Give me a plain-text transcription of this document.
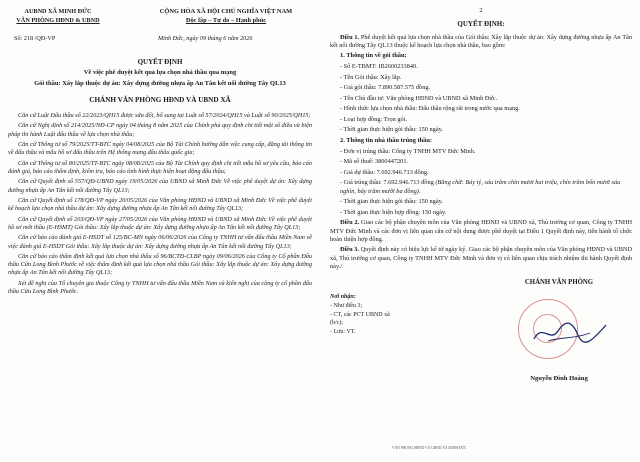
AUBND XÃ MINH ĐỨC
VĂN PHÒNG HĐND & UBND
Số: 218 /QĐ-VP
CỘNG HÒA XÃ HỘI CHỦ NGHĨA VIỆT NAM
Độc lập – Tự do – Hạnh phúc
Minh Đức, ngày 09 tháng 6 năm 2026
QUYẾT ĐỊNH
Về việc phê duyệt kết quả lựa chọn nhà thầu qua mạng
Gói thầu: Xây lắp thuộc dự án: Xây dựng đường nhựa ấp An Tân kết nối đường Tây QL13
CHÁNH VĂN PHÒNG HĐND VÀ UBND XÃ

Căn cứ Luật Đấu thầu số 22/2023/QH15 được sửa đổi, bổ sung tại Luật số 57/2024/QH15 và Luật số 90/2025/QH15;

Căn cứ Nghị định số 214/2025/NĐ-CP ngày 04 tháng 8 năm 2025 của Chính phủ quy định chi tiết một số điều và biện pháp thi hành Luật đấu thầu về lựa chọn nhà thầu;

Căn cứ Thông tư số 79/2025/TT-BTC ngày 04/08/2025 của Bộ Tài Chính hướng dẫn việc cung cấp, đăng tải thông tin về đấu thầu và mẫu hồ sơ đấu thầu trên Hệ thống mạng đấu thầu quốc gia;

Căn cứ Thông tư số 80/2025/TT-BTC ngày 08/08/2025 của Bộ Tài Chính quy định chi tiết mẫu hồ sơ yêu cầu, báo cáo đánh giá, báo cáo thẩm định, kiểm tra, báo cáo tình hình thực hiện hoạt động đấu thầu;

Căn cứ Quyết định số 557/QĐ-UBND ngày 19/05/2026 của UBND xã Minh Đức Về việc phê duyệt dự án: Xây dựng đường nhựa ấp An Tân kết nối đường Tây QL13;

Căn cứ Quyết định số 178/QĐ-VP ngày 20/05/2026 của Văn phòng HĐND và UBND xã Minh Đức Về việc phê duyệt kế hoạch lựa chọn nhà thầu dự án: Xây dựng đường nhựa ấp An Tân kết nối đường Tây QL13;

Căn cứ Quyết định số 203/QĐ-VP ngày 27/05/2026 của Văn phòng HĐND và UBND xã Minh Đức Về việc phê duyệt hồ sơ mời thầu (E-HSMT) Gói thầu: Xây lắp thuộc dự án: Xây dựng đường nhựa ấp An Tân kết nối đường Tây QL13;

Căn cứ báo cáo đánh giá E-HSDT số 125/BC-MN ngày 06/06/2026 của Công ty TNHH tư vấn đấu thầu Miền Nam về việc đánh giá E-HSDT Gói thầu: Xây lắp thuộc dự án: Xây dựng đường nhựa ấp An Tân kết nối đường Tây QL13;

Căn cứ báo cáo thẩm định kết quả lựa chọn nhà thầu số 96/BCTĐ-CLBP ngày 09/06/2026 của Công ty Cổ phần Đấu thầu Cửu Long Bình Phước về việc thẩm định kết quả lựa chọn nhà thầu Gói thầu: Xây lắp thuộc dự án: Xây dựng đường nhựa ấp An Tân kết nối đường Tây QL13;

Xét đề nghị của Tổ chuyên gia thuộc Công ty TNHH tư vấn đấu thầu Miền Nam và kiến nghị của công ty cổ phần đấu thầu Cửu Long Bình Phước.

2
QUYẾT ĐỊNH:

Điều 1. Phê duyệt kết quả lựa chọn nhà thầu của Gói thầu: Xây lắp thuộc dự án: Xây dựng đường nhựa ấp An Tân kết nối đường Tây QL13 thuộc kế hoạch lựa chọn nhà thầu, bao gồm:

1. Thông tin về gói thầu:
- Số E-TBMT: IB2600233840.
- Tên Gói thầu: Xây lắp.
- Giá gói thầu: 7.890.587.575 đồng.
- Tên Chủ đầu tư: Văn phòng HĐND và UBND xã Minh Đức.
- Hình thức lựa chọn nhà thầu: Đấu thầu rộng rãi trong nước qua mạng.
- Loại hợp đồng: Trọn gói.
- Thời gian thực hiện gói thầu: 150 ngày.
2. Thông tin nhà thầu trúng thầu:
- Đơn vị trúng thầu: Công ty TNHH MTV Đức Minh.
- Mã số thuế: 3800447201.
- Giá dự thầu: 7.692.946.713 đồng.
- Giá trúng thầu: 7.692.946.713 đồng (Bằng chữ: Bảy tỷ, sáu trăm chín mươi hai triệu, chín trăm bốn mươi sáu nghìn, bảy trăm mười ba đồng).
- Thời gian thực hiện gói thầu: 150 ngày.
- Thời gian thực hiện hợp đồng: 150 ngày.

Điều 2. Giao các bộ phận chuyên môn của Văn phòng HĐND và UBND xã, Thủ trưởng cơ quan, Công ty TNHH MTV Đức Minh và các đơn vị liên quan căn cứ nội dung được phê duyệt tại Điều 1 Quyết định này, tiến hành tổ chức hoàn thiện hợp đồng.

Điều 3. Quyết định này có hiệu lực kể từ ngày ký. Giao các bộ phận chuyên môn của Văn phòng HĐND và UBND xã, Thủ trưởng cơ quan, Công ty TNHH MTV Đức Minh và đơn vị có liên quan chịu trách nhiệm thi hành Quyết định này./.

Nơi nhận:
- Như điều 3;
- CT, các PCT UBND xã
(b/c);
- Lưu: VT.
CHÁNH VĂN PHÒNG
Nguyễn Đình Hoàng
VĂN PHÒNG HĐND VÀ UBND XÃ MINH ĐỨC
